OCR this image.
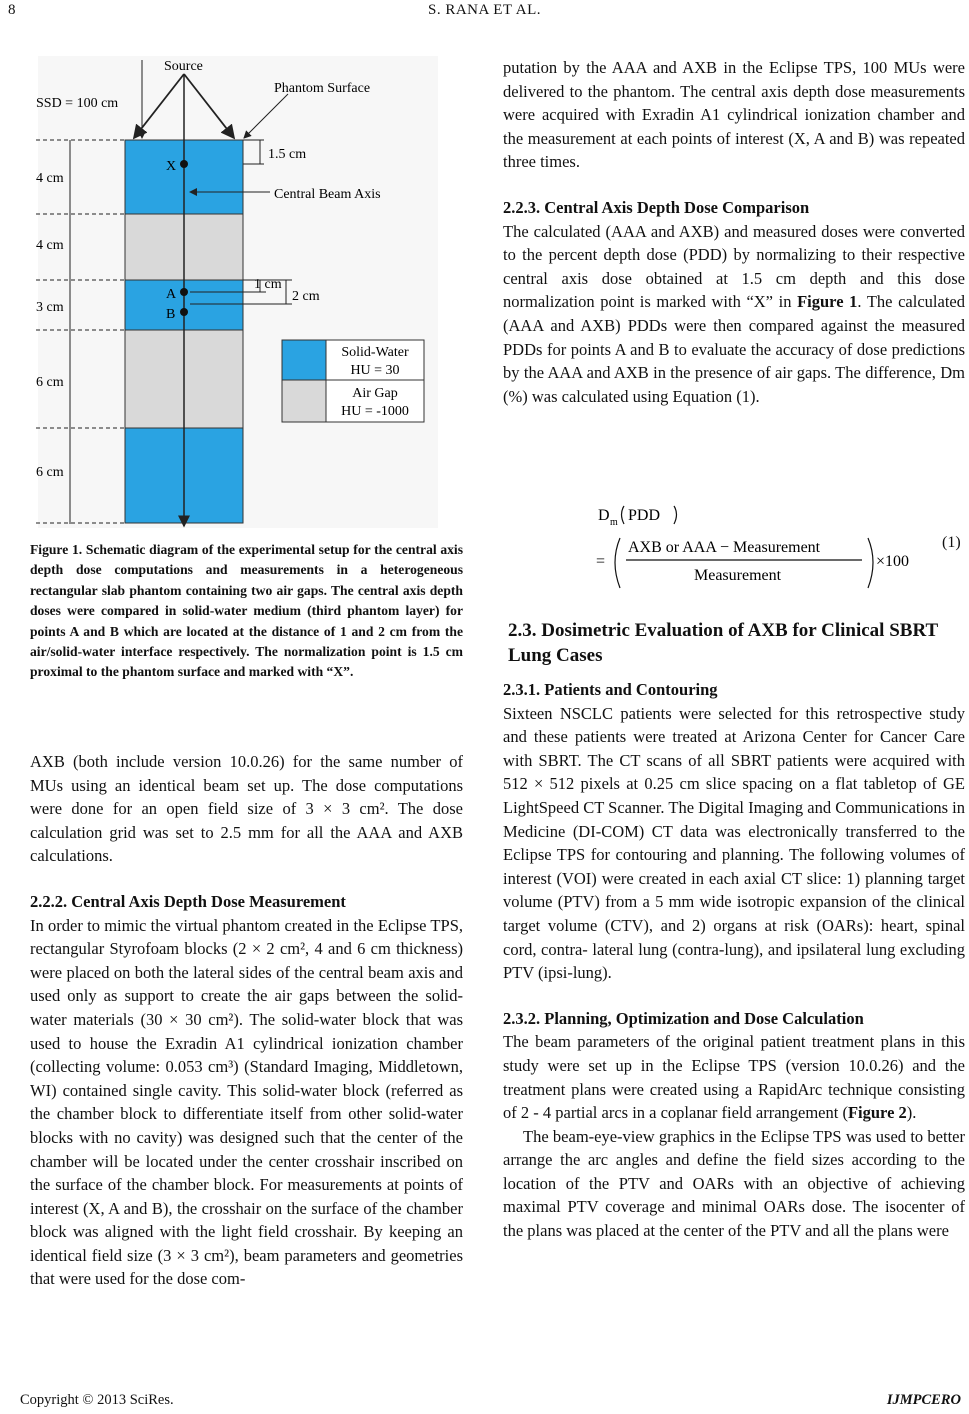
8	S. RANA ET AL.
Source
SSD = 100 cm
Phantom Surface
1.5 cm
X
Central Beam Axis
1 cm
2 cm
A
B
4 cm
4 cm
3 cm
6 cm
6 cm
Solid-Water
HU = 30
Air Gap
HU = -1000
Figure 1. Schematic diagram of the experimental setup for the central axis depth dose computations and measurements in a heterogeneous rectangular slab phantom containing two air gaps. The central axis depth doses were compared in solid-water medium (third phantom layer) for points A and B which are located at the distance of 1 and 2 cm from the air/solid-water interface respectively. The normalization point is 1.5 cm proximal to the phantom surface and marked with “X”.

AXB (both include version 10.0.26) for the same number of MUs using an identical beam set up. The dose computations were done for an open field size of 3 × 3 cm². The dose calculation grid was set to 2.5 mm for all the AAA and AXB calculations.

2.2.2. Central Axis Depth Dose Measurement

In order to mimic the virtual phantom created in the Eclipse TPS, rectangular Styrofoam blocks (2 × 2 cm², 4 and 6 cm thickness) were placed on both the lateral sides of the central beam axis and used only as support to create the air gaps between the solid-water materials (30 × 30 cm²). The solid-water block that was used to house the Exradin A1 cylindrical ionization chamber (collecting volume: 0.053 cm³) (Standard Imaging, Middletown, WI) contained single cavity. This solid-water block (referred as the chamber block to differentiate itself from other solid-water blocks with no cavity) was designed such that the center of the chamber will be located under the center crosshair inscribed on the surface of the chamber block. For measurements at points of interest (X, A and B), the crosshair on the surface of the chamber block was aligned with the light field crosshair. By keeping an identical field size (3 × 3 cm²), beam parameters and geometries that were used for the dose com-

putation by the AAA and AXB in the Eclipse TPS, 100 MUs were delivered to the phantom. The central axis depth dose measurements were acquired with Exradin A1 cylindrical ionization chamber and the measurement at each points of interest (X, A and B) was repeated three times.

2.2.3. Central Axis Depth Dose Comparison

The calculated (AAA and AXB) and measured doses were converted to the percent depth dose (PDD) by normalizing to their respective central axis dose obtained at 1.5 cm depth and this dose normalization point is marked with “X” in Figure 1. The calculated (AAA and AXB) PDDs were then compared against the measured PDDs for points A and B to evaluate the accuracy of dose predictions by the AAA and AXB in the presence of air gaps. The difference, Dm (%) was calculated using Equation (1).

D m PDD
=
AXB or AAA − Measurement
Measurement
×100
(1)
2.3. Dosimetric Evaluation of AXB for Clinical SBRT Lung Cases

2.3.1. Patients and Contouring

Sixteen NSCLC patients were selected for this retrospective study and these patients were treated at Arizona Center for Cancer Care with SBRT. The CT scans of all SBRT patients were acquired with 512 × 512 pixels at 0.25 cm slice spacing on a flat tabletop of GE LightSpeed CT Scanner. The Digital Imaging and Communications in Medicine (DI-COM) CT data was electronically transferred to the Eclipse TPS for contouring and planning. The following volumes of interest (VOI) were created in each axial CT slice: 1) planning target volume (PTV) from a 5 mm wide isotropic expansion of the clinical target volume (CTV), and 2) organs at risk (OARs): heart, spinal cord, contra- lateral lung (contra-lung), and ipsilateral lung excluding PTV (ipsi-lung).

2.3.2. Planning, Optimization and Dose Calculation

The beam parameters of the original patient treatment plans in this study were set up in the Eclipse TPS (version 10.0.26) and the treatment plans were created using a RapidArc technique consisting of 2 - 4 partial arcs in a coplanar field arrangement (Figure 2).

The beam-eye-view graphics in the Eclipse TPS was used to better arrange the arc angles and define the field sizes according to the location of the PTV and OARs with an objective of achieving maximal PTV coverage and minimal OARs dose. The isocenter of the plans was placed at the center of the PTV and all the plans were

Copyright © 2013 SciRes.	IJMPCERO
